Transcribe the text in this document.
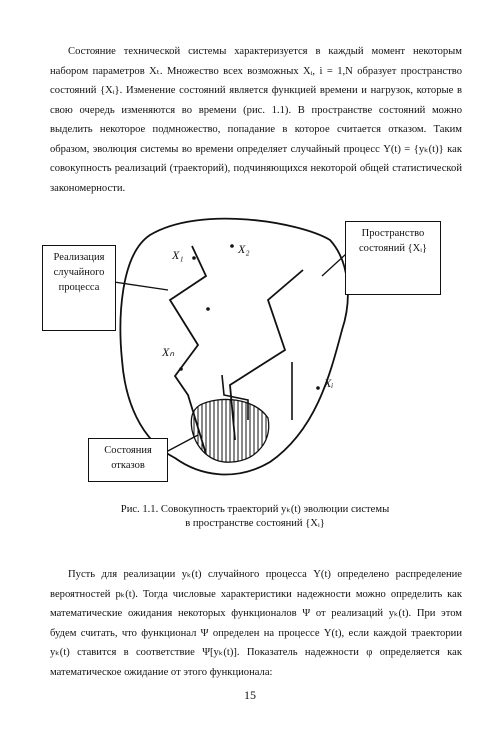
Состояние технической системы характеризуется в каждый момент некоторым набором параметров Xₜ. Множество всех возможных Xᵢ, i = 1,N образует пространство состояний {Xᵢ}. Изменение состояний является функцией времени и нагрузок, которые в свою очередь изменяются во времени (рис. 1.1). В пространстве состояний можно выделить некоторое подмножество, попадание в которое считается отказом. Таким образом, эволюция системы во времени определяет случайный процесс Y(t) = {yₖ(t)} как совокупность реализаций (траекторий), подчиняющихся некоторой общей статистической закономерности.

X₁	X₂
Xₙ
Xᵢ
Реализация случайного процесса
Пространство состояний {Xᵢ}
Состояния отказов
Рис. 1.1. Совокупность траекторий yₖ(t) эволюции системы
в пространстве состояний {Xᵢ}

Пусть для реализации yₖ(t) случайного процесса Y(t) определено распределение вероятностей pₖ(t). Тогда числовые характеристики надежности можно определить как математические ожидания некоторых функционалов Ψ от реализаций yₖ(t). При этом будем считать, что функционал Ψ определен на процессе Y(t), если каждой траектории yₖ(t) ставится в соответствие Ψ[yₖ(t)]. Показатель надежности φ определяется как математическое ожидание от этого функционала:

15
